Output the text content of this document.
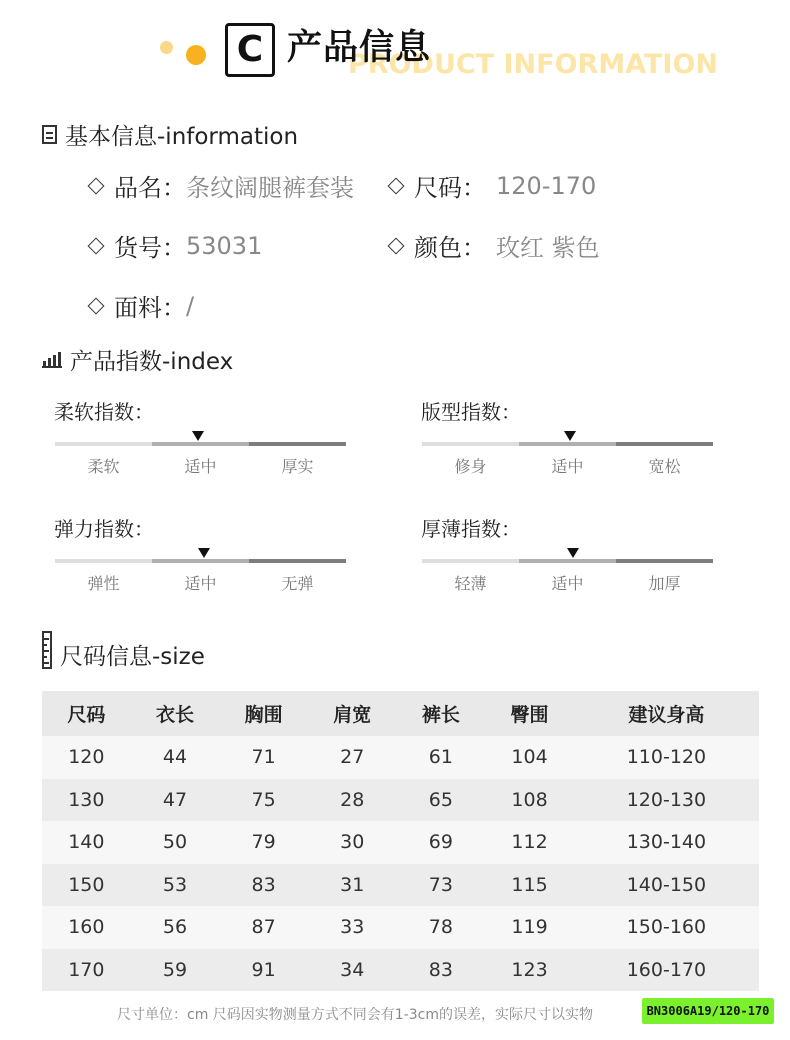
C	PRODUCT INFORMATION
产品信息
基本信息-information
品名： 条纹阔腿裤套装	尺码： 120-170
货号： 53031	颜色： 玫红 紫色
面料： /
产品指数-index
柔软指数：
柔软	适中	厚实
版型指数：
修身	适中	宽松
弹力指数：
弹性	适中	无弹
厚薄指数：
轻薄	适中	加厚
尺码信息-size
尺码	衣长	胸围	肩宽	裤长	臀围	建议身高
120	44	71	27	61	104	110-120
130	47	75	28	65	108	120-130
140	50	79	30	69	112	130-140
150	53	83	31	73	115	140-150
160	56	87	33	78	119	150-160
170	59	91	34	83	123	160-170
尺寸单位：cm 尺码因实物测量方式不同会有1-3cm的误差，实际尺寸以实物	BN3006A19/120-170
